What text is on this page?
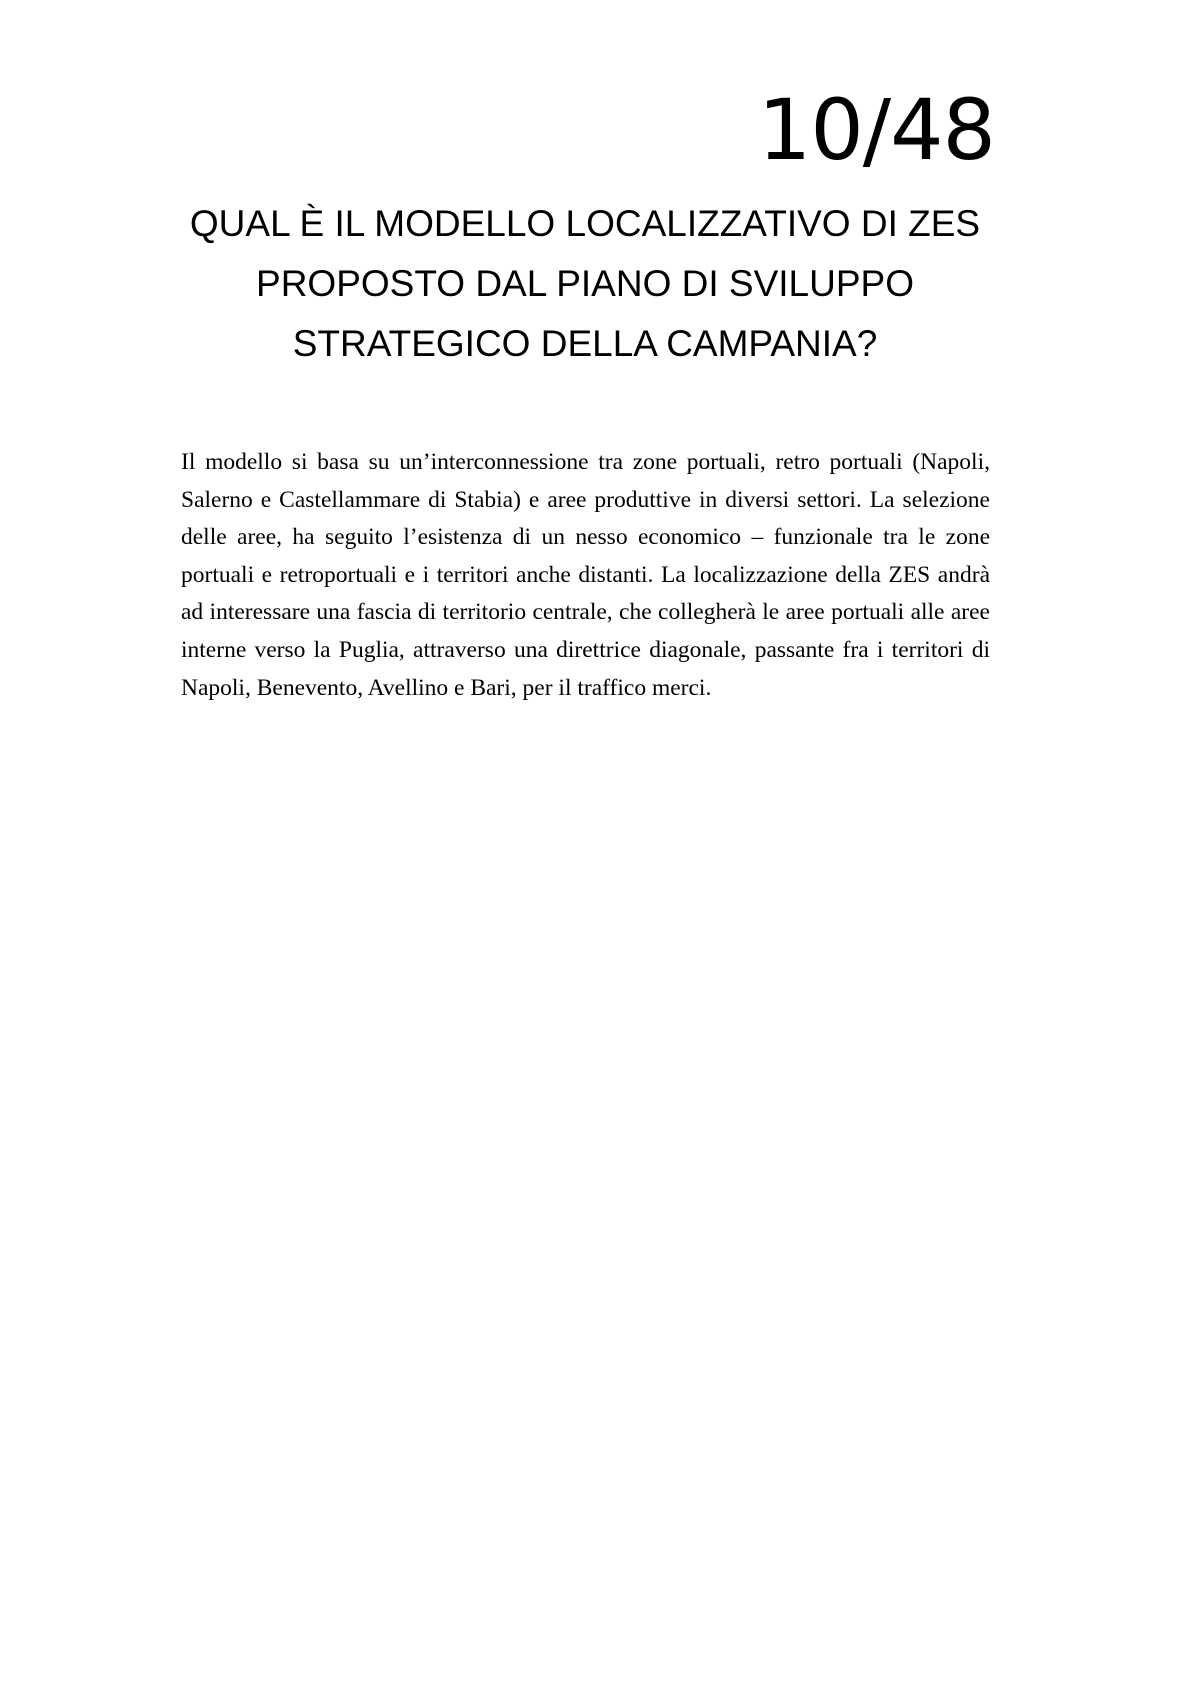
10/48
QUAL È IL MODELLO LOCALIZZATIVO DI ZES PROPOSTO DAL PIANO DI SVILUPPO STRATEGICO DELLA CAMPANIA?

Il modello si basa su un’interconnessione tra zone portuali, retro portuali (Napoli, Salerno e Castellammare di Stabia) e aree produttive in diversi settori. La selezione delle aree, ha seguito l’esistenza di un nesso economico – funzionale tra le zone portuali e retroportuali e i territori anche distanti. La localizzazione della ZES andrà ad interessare una fascia di territorio centrale, che collegherà le aree portuali alle aree interne verso la Puglia, attraverso una direttrice diagonale, passante fra i territori di Napoli, Benevento, Avellino e Bari, per il traffico merci.
